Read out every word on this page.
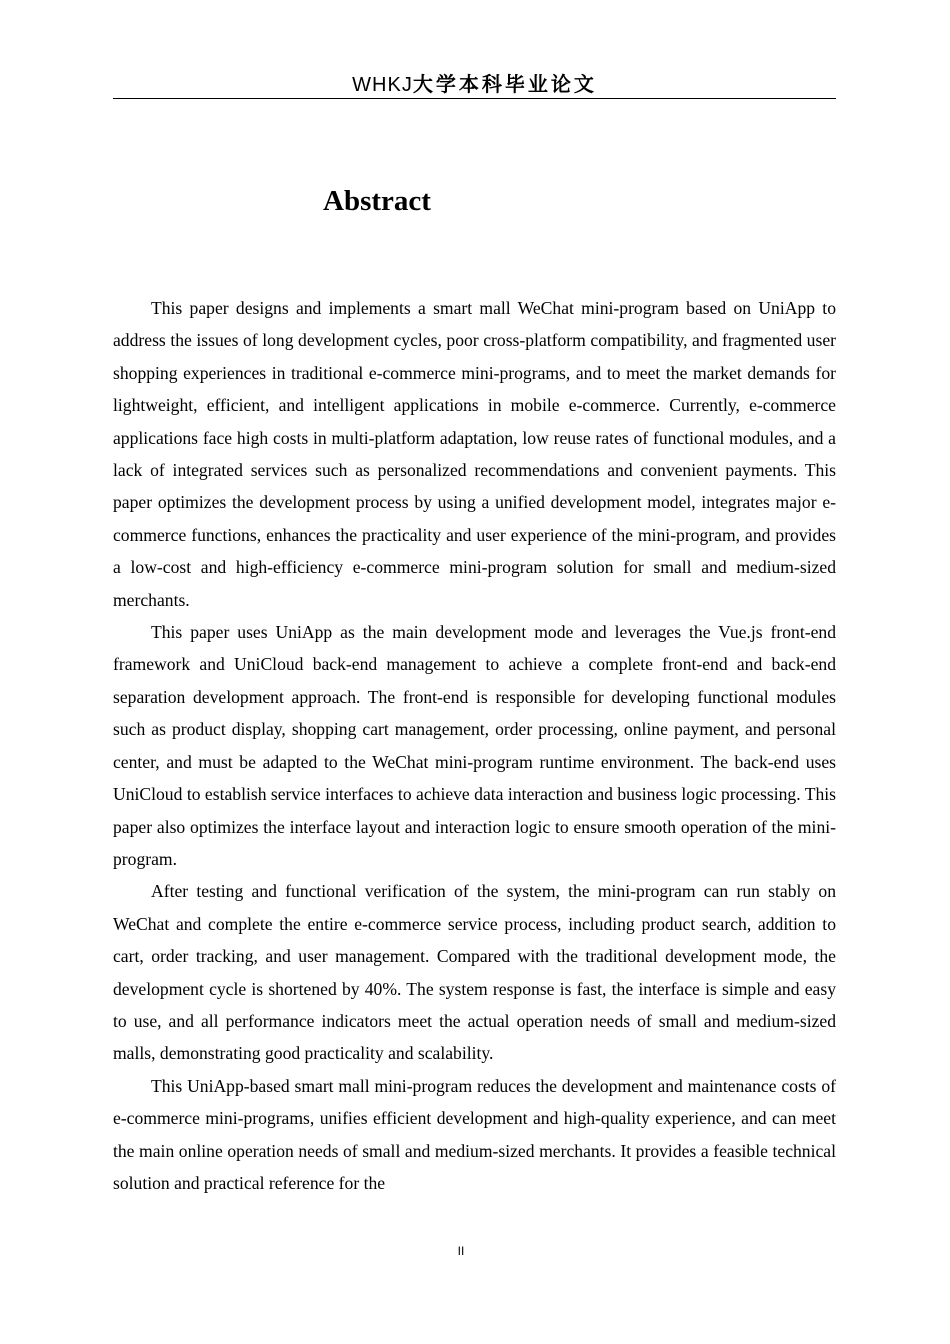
WHKJ大学本科毕业论文
Abstract

This paper designs and implements a smart mall WeChat mini-program based on UniApp to address the issues of long development cycles, poor cross-platform compatibility, and fragmented user shopping experiences in traditional e-commerce mini-programs, and to meet the market demands for lightweight, efficient, and intelligent applications in mobile e-commerce. Currently, e-commerce applications face high costs in multi-platform adaptation, low reuse rates of functional modules, and a lack of integrated services such as personalized recommendations and convenient payments. This paper optimizes the development process by using a unified development model, integrates major e-commerce functions, enhances the practicality and user experience of the mini-program, and provides a low-cost and high-efficiency e-commerce mini-program solution for small and medium-sized merchants.

This paper uses UniApp as the main development mode and leverages the Vue.js front-end framework and UniCloud back-end management to achieve a complete front-end and back-end separation development approach. The front-end is responsible for developing functional modules such as product display, shopping cart management, order processing, online payment, and personal center, and must be adapted to the WeChat mini-program runtime environment. The back-end uses UniCloud to establish service interfaces to achieve data interaction and business logic processing. This paper also optimizes the interface layout and interaction logic to ensure smooth operation of the mini-program.

After testing and functional verification of the system, the mini-program can run stably on WeChat and complete the entire e-commerce service process, including product search, addition to cart, order tracking, and user management. Compared with the traditional development mode, the development cycle is shortened by 40%. The system response is fast, the interface is simple and easy to use, and all performance indicators meet the actual operation needs of small and medium-sized malls, demonstrating good practicality and scalability.

This UniApp-based smart mall mini-program reduces the development and maintenance costs of e-commerce mini-programs, unifies efficient development and high-quality experience, and can meet the main online operation needs of small and medium-sized merchants. It provides a feasible technical solution and practical reference for the

II
